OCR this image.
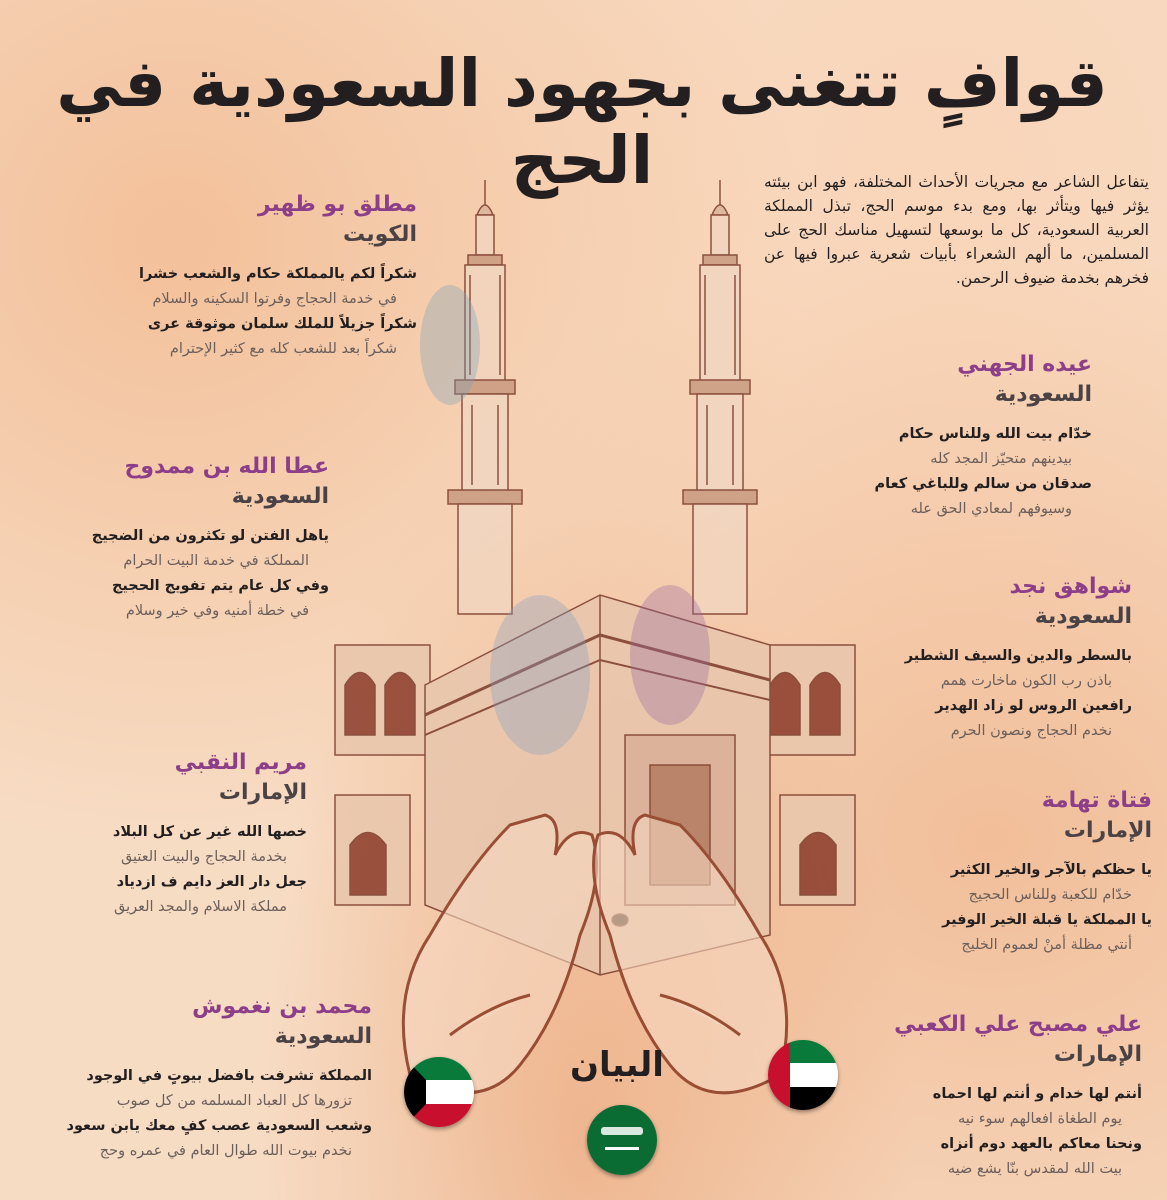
قوافٍ تتغنى بجهود السعودية في الحج	يتفاعل الشاعر مع مجريات الأحداث المختلفة، فهو ابن بيئته يؤثر فيها ويتأثر بها، ومع بدء موسم الحج، تبذل المملكة العربية السعودية، كل ما بوسعها لتسهيل مناسك الحج على المسلمين، ما ألهم الشعراء بأبيات شعرية عبروا فيها عن فخرهم بخدمة ضيوف الرحمن.

مطلق بو ظهير

الكويت

شكراً لكم يالمملكة حكام والشعب خشرا

في خدمة الحجاج وفرتوا السكينه والسلام

شكراً جزيلاً للملك سلمان موثوقة عرى

شكراً بعد للشعب كله مع كثير الإحترام

عطا الله بن ممدوح

السعودية

ياهل الفتن لو تكثرون من الضجيج

المملكة في خدمة البيت الحرام

وفي كل عام يتم تفويج الحجيج

في خطة أمنيه وفي خير وسلام

مريم النقبي

الإمارات

خصها الله غير عن كل البلاد

بخدمة الحجاج والبيت العتيق

جعل دار العز دايم ف ازدياد

مملكة الاسلام والمجد العريق

محمد بن نغموش

السعودية

المملكة تشرفت بافضل بيوتٍ في الوجود

تزورها كل العباد المسلمه من كل صوب

وشعب السعودية عصب كفٍ معك يابن سعود

نخدم بيوت الله طوال العام في عمره وحج

عيده الجهني

السعودية

خدّام بيت الله وللناس حكام

بيدينهم متحيّز المجد كله

صدقان من سالم وللباغي كعام

وسيوفهم لمعادي الحق عله

شواهق نجد

السعودية

بالسطر والدين والسيف الشطير

باذن رب الكون ماخارت همم

رافعين الروس لو زاد الهدير

نخدم الحجاج ونصون الحرم

فتاة تهامة

الإمارات

يا حظكم بالآجر والخير الكثير

خدّام للكعبة وللناس الحجيج

يا المملكة يا قبلة الخير الوفير

أنتي مظلة أمنْ لعموم الخليج

علي مصبح علي الكعبي

الإمارات

أنتم لها خدام و أنتم لها احماه

يوم الطغاة افعالهم سوء نيه

ونحنا معاكم بالعهد دوم أنزاه

بيت الله لمقدس بنّا يشع ضيه

البيان
